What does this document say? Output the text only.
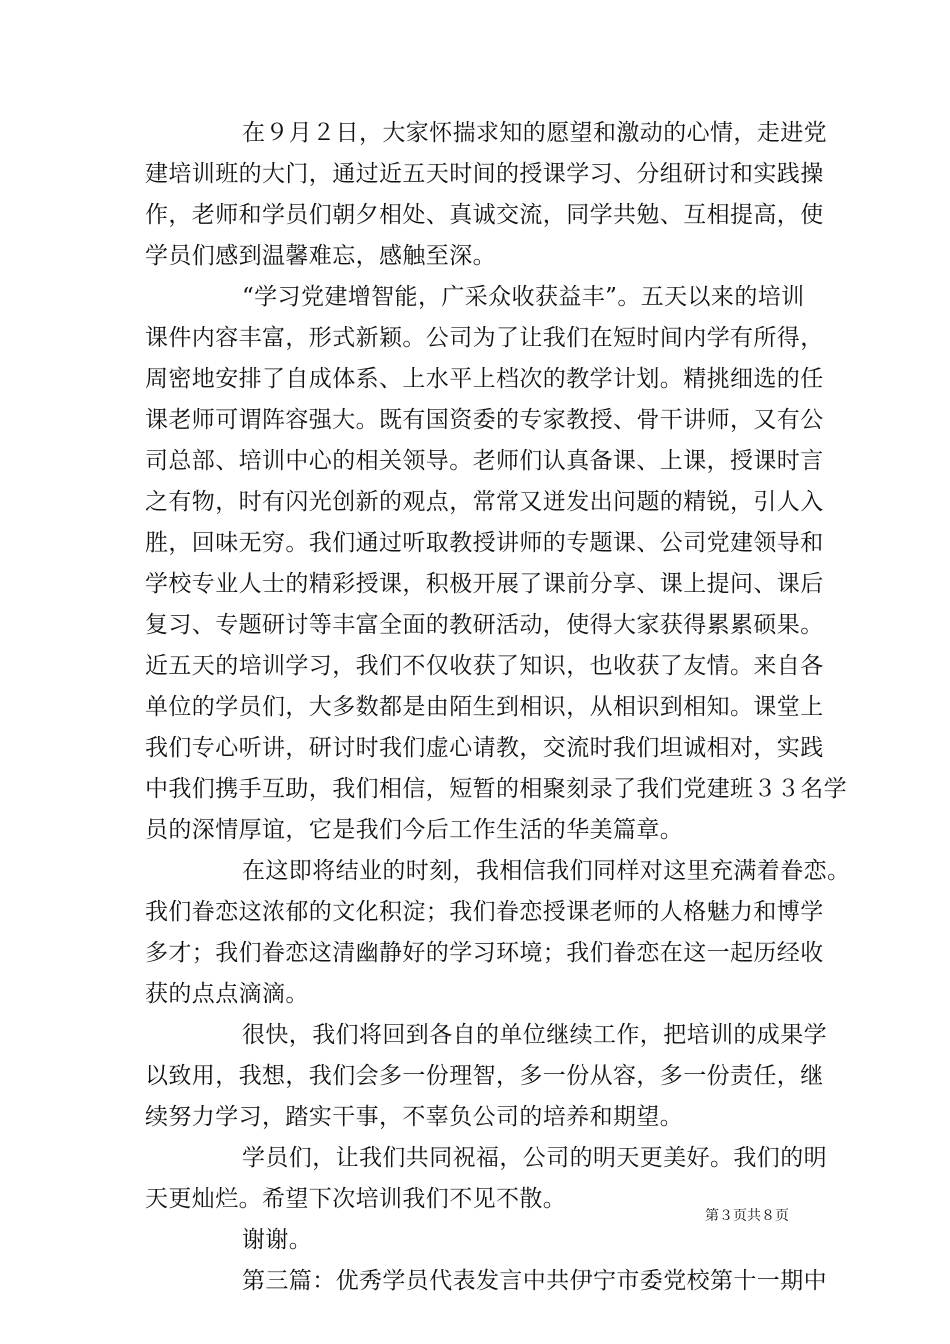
在９月２日，大家怀揣求知的愿望和激动的心情，走进党
建培训班的大门，通过近五天时间的授课学习、分组研讨和实践操
作，老师和学员们朝夕相处、真诚交流，同学共勉、互相提高，使
学员们感到温馨难忘，感触至深。
“学习党建增智能，广采众收获益丰”。五天以来的培训
课件内容丰富，形式新颖。公司为了让我们在短时间内学有所得，
周密地安排了自成体系、上水平上档次的教学计划。精挑细选的任
课老师可谓阵容强大。既有国资委的专家教授、骨干讲师，又有公
司总部、培训中心的相关领导。老师们认真备课、上课，授课时言
之有物，时有闪光创新的观点，常常又迸发出问题的精锐，引人入
胜，回味无穷。我们通过听取教授讲师的专题课、公司党建领导和
学校专业人士的精彩授课，积极开展了课前分享、课上提问、课后
复习、专题研讨等丰富全面的教研活动，使得大家获得累累硕果。
近五天的培训学习，我们不仅收获了知识，也收获了友情。来自各
单位的学员们，大多数都是由陌生到相识，从相识到相知。课堂上
我们专心听讲，研讨时我们虚心请教，交流时我们坦诚相对，实践
中我们携手互助，我们相信，短暂的相聚刻录了我们党建班３３名学
员的深情厚谊，它是我们今后工作生活的华美篇章。
在这即将结业的时刻，我相信我们同样对这里充满着眷恋。
我们眷恋这浓郁的文化积淀；我们眷恋授课老师的人格魅力和博学
多才；我们眷恋这清幽静好的学习环境；我们眷恋在这一起历经收
获的点点滴滴。
很快，我们将回到各自的单位继续工作，把培训的成果学
以致用，我想，我们会多一份理智，多一份从容，多一份责任，继
续努力学习，踏实干事，不辜负公司的培养和期望。
学员们，让我们共同祝福，公司的明天更美好。我们的明
天更灿烂。希望下次培训我们不见不散。
谢谢。
第三篇：优秀学员代表发言中共伊宁市委党校第十一期中
第３页共８页
